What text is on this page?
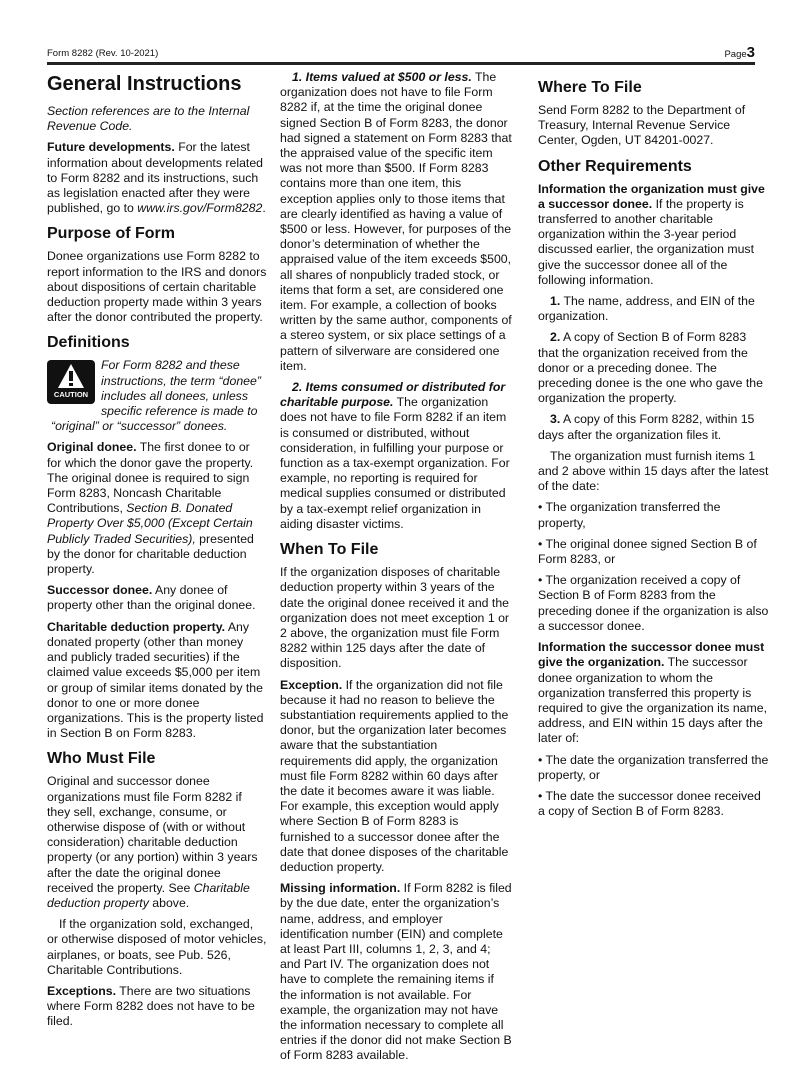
Form 8282 (Rev. 10-2021)	Page3
General Instructions

Section references are to the Internal Revenue Code.

Future developments. For the latest information about developments related to Form 8282 and its instructions, such as legislation enacted after they were published, go to www.irs.gov/Form8282.

Purpose of Form

Donee organizations use Form 8282 to report information to the IRS and donors about dispositions of certain charitable deduction property made within 3 years after the donor contributed the property.

Definitions
CAUTION
For Form 8282 and these instructions, the term “donee” includes all donees, unless specific reference is made to

“original” or “successor” donees.

Original donee. The first donee to or for which the donor gave the property. The original donee is required to sign Form 8283, Noncash Charitable Contributions, Section B. Donated Property Over $5,000 (Except Certain Publicly Traded Securities), presented by the donor for charitable deduction property.

Successor donee. Any donee of property other than the original donee.

Charitable deduction property. Any donated property (other than money and publicly traded securities) if the claimed value exceeds $5,000 per item or group of similar items donated by the donor to one or more donee organizations. This is the property listed in Section B on Form 8283.

Who Must File

Original and successor donee organizations must file Form 8282 if they sell, exchange, consume, or otherwise dispose of (with or without consideration) charitable deduction property (or any portion) within 3 years after the date the original donee received the property. See Charitable deduction property above.

If the organization sold, exchanged, or otherwise disposed of motor vehicles, airplanes, or boats, see Pub. 526, Charitable Contributions.

Exceptions. There are two situations where Form 8282 does not have to be filed.

1. Items valued at $500 or less. The organization does not have to file Form 8282 if, at the time the original donee signed Section B of Form 8283, the donor had signed a statement on Form 8283 that the appraised value of the specific item was not more than $500. If Form 8283 contains more than one item, this exception applies only to those items that are clearly identified as having a value of $500 or less. However, for purposes of the donor’s determination of whether the appraised value of the item exceeds $500, all shares of nonpublicly traded stock, or items that form a set, are considered one item. For example, a collection of books written by the same author, components of a stereo system, or six place settings of a pattern of silverware are considered one item.

2. Items consumed or distributed for charitable purpose. The organization does not have to file Form 8282 if an item is consumed or distributed, without consideration, in fulfilling your purpose or function as a tax-exempt organization. For example, no reporting is required for medical supplies consumed or distributed by a tax-exempt relief organization in aiding disaster victims.

When To File

If the organization disposes of charitable deduction property within 3 years of the date the original donee received it and the organization does not meet exception 1 or 2 above, the organization must file Form 8282 within 125 days after the date of disposition.

Exception. If the organization did not file because it had no reason to believe the substantiation requirements applied to the donor, but the organization later becomes aware that the substantiation requirements did apply, the organization must file Form 8282 within 60 days after the date it becomes aware it was liable. For example, this exception would apply where Section B of Form 8283 is furnished to a successor donee after the date that donee disposes of the charitable deduction property.

Missing information. If Form 8282 is filed by the due date, enter the organization’s name, address, and employer identification number (EIN) and complete at least Part III, columns 1, 2, 3, and 4; and Part IV. The organization does not have to complete the remaining items if the information is not available. For example, the organization may not have the information necessary to complete all entries if the donor did not make Section B of Form 8283 available.

Where To File

Send Form 8282 to the Department of Treasury, Internal Revenue Service Center, Ogden, UT 84201-0027.

Other Requirements

Information the organization must give a successor donee. If the property is transferred to another charitable organization within the 3-year period discussed earlier, the organization must give the successor donee all of the following information.

1. The name, address, and EIN of the organization.

2. A copy of Section B of Form 8283 that the organization received from the donor or a preceding donee. The preceding donee is the one who gave the organization the property.

3. A copy of this Form 8282, within 15 days after the organization files it.

The organization must furnish items 1 and 2 above within 15 days after the latest of the date:

• The organization transferred the property,

• The original donee signed Section B of Form 8283, or

• The organization received a copy of Section B of Form 8283 from the preceding donee if the organization is also a successor donee.

Information the successor donee must give the organization. The successor donee organization to whom the organization transferred this property is required to give the organization its name, address, and EIN within 15 days after the later of:

• The date the organization transferred the property, or

• The date the successor donee received a copy of Section B of Form 8283.
